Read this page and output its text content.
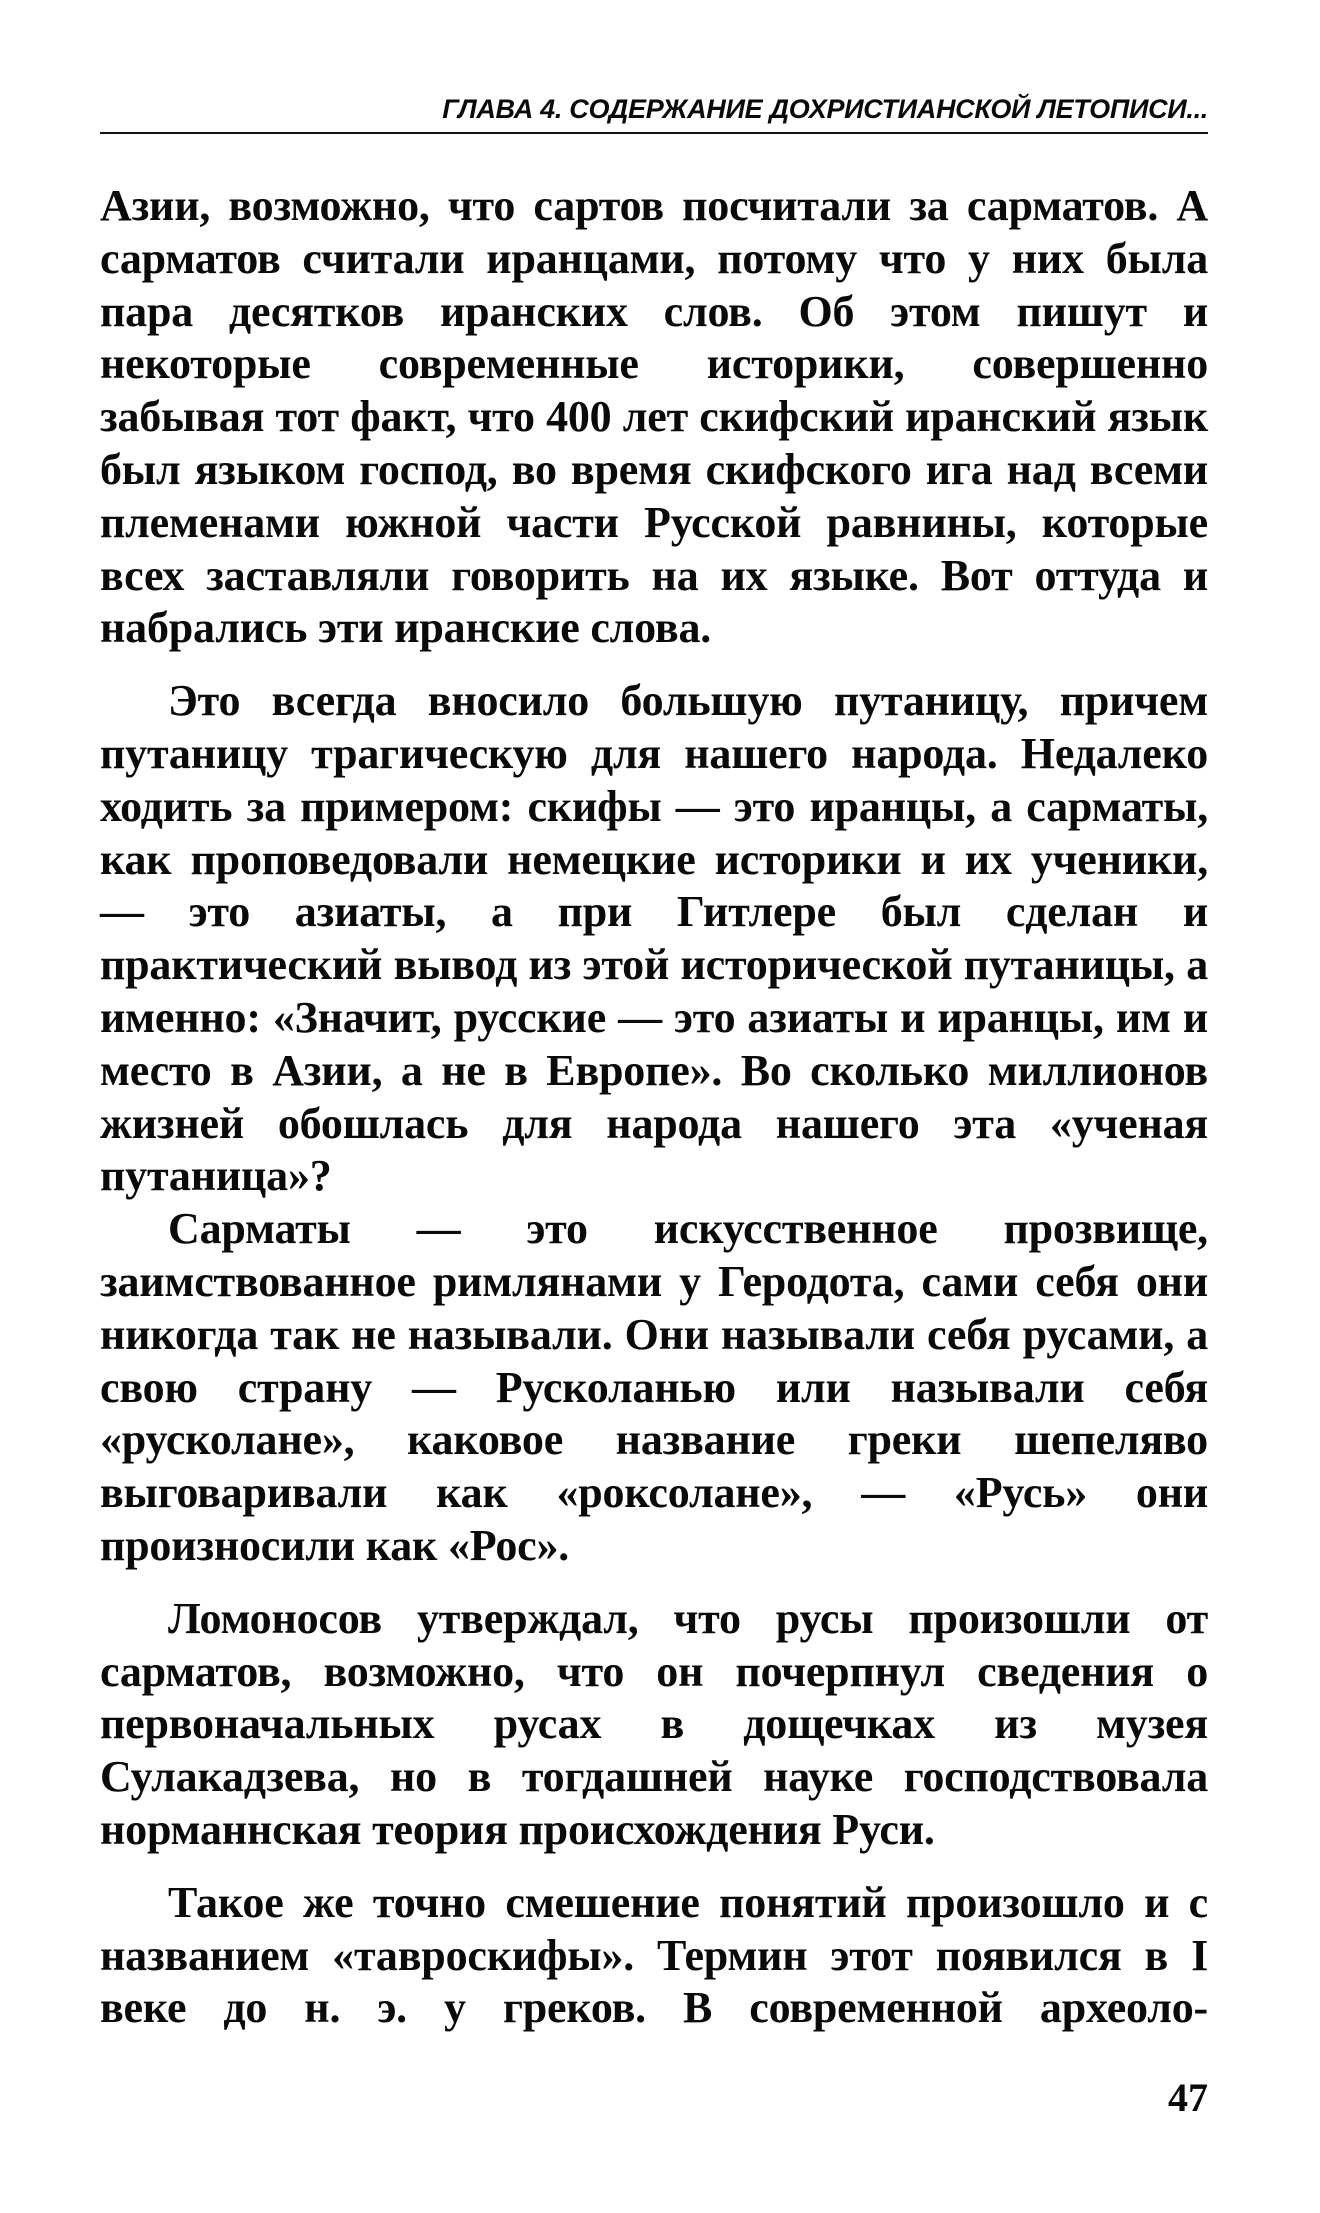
ГЛАВА 4. СОДЕРЖАНИЕ ДОХРИСТИАНСКОЙ ЛЕТОПИСИ...

Азии, возможно, что сартов посчитали за сарматов. А сарматов считали иранцами, потому что у них была пара десятков иранских слов. Об этом пишут и некоторые современные историки, совершенно забывая тот факт, что 400 лет скифский иранский язык был языком господ, во время скифского ига над всеми племенами южной части Русской равнины, которые всех заставляли говорить на их языке. Вот оттуда и набрались эти иранские слова.

Это всегда вносило большую путаницу, причем путаницу трагическую для нашего народа. Недалеко ходить за примером: скифы — это иранцы, а сарматы, как проповедовали немецкие историки и их ученики, — это азиаты, а при Гитлере был сделан и практический вывод из этой исторической путаницы, а именно: «Значит, русские — это азиаты и иранцы, им и место в Азии, а не в Европе». Во сколько миллионов жизней обошлась для народа нашего эта «ученая путаница»?

Сарматы — это искусственное прозвище, заимствованное римлянами у Геродота, сами себя они никогда так не называли. Они называли себя русами, а свою страну — Русколанью или называли себя «русколане», каковое название греки шепеляво выговаривали как «роксолане», — «Русь» они произносили как «Рос».

Ломоносов утверждал, что русы произошли от сарматов, возможно, что он почерпнул сведения о первоначальных русах в дощечках из музея Сулакадзева, но в тогдашней науке господствовала норманнская теория происхождения Руси.

Такое же точно смешение понятий произошло и с названием «тавроскифы». Термин этот появился в I веке до н. э. у греков. В современной археоло-

47
